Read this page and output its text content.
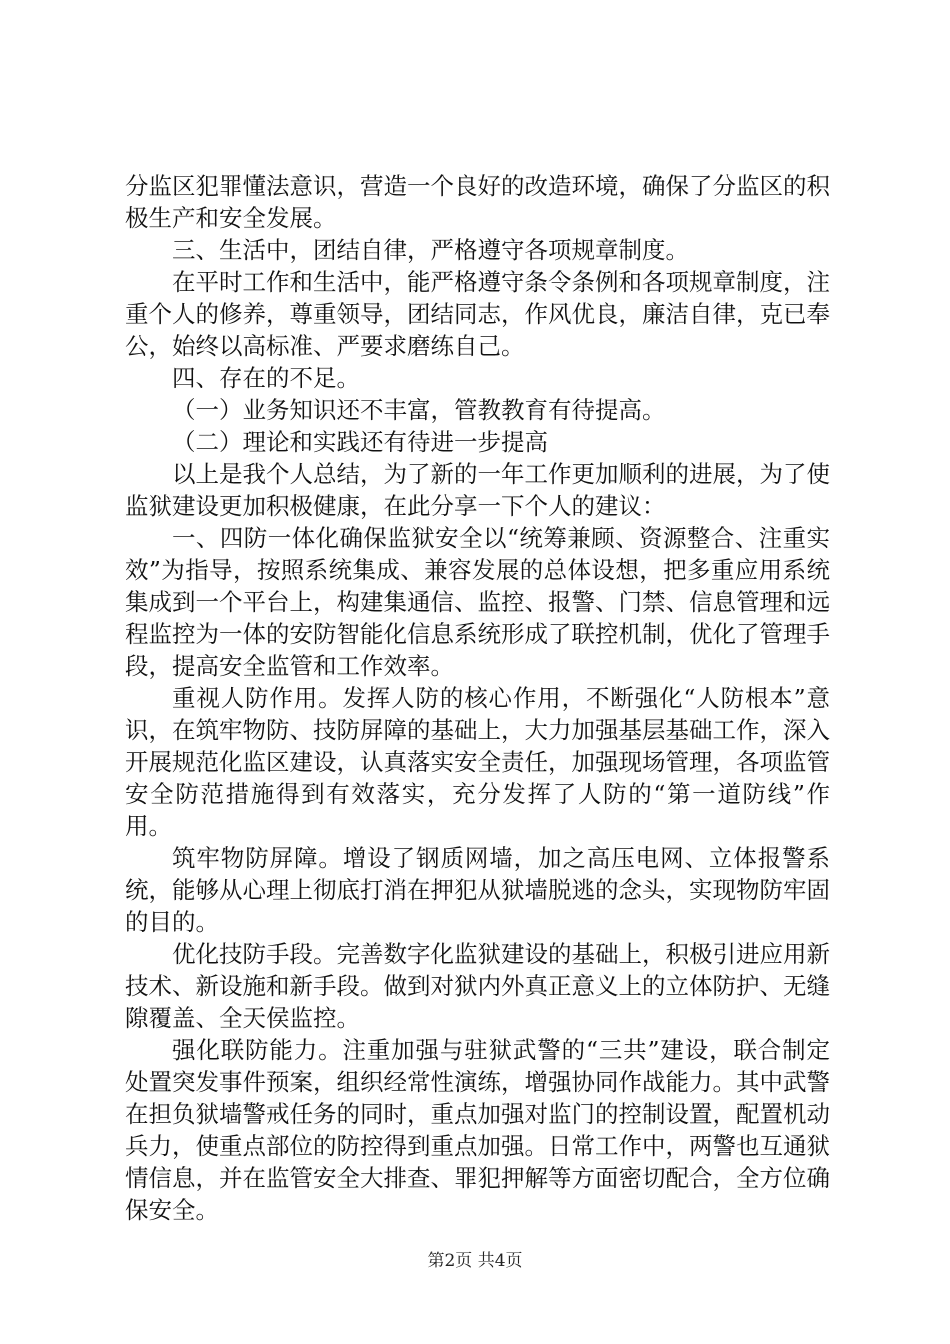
分监区犯罪懂法意识，营造一个良好的改造环境，确保了分监区的积极生产和安全发展。

三、生活中，团结自律，严格遵守各项规章制度。

在平时工作和生活中，能严格遵守条令条例和各项规章制度，注重个人的修养，尊重领导，团结同志，作风优良，廉洁自律，克已奉公，始终以高标准、严要求磨练自己。

四、存在的不足。

（一）业务知识还不丰富，管教教育有待提高。

（二）理论和实践还有待进一步提高

以上是我个人总结，为了新的一年工作更加顺利的进展，为了使监狱建设更加积极健康，在此分享一下个人的建议：

一、四防一体化确保监狱安全以“统筹兼顾、资源整合、注重实效”为指导，按照系统集成、兼容发展的总体设想，把多重应用系统集成到一个平台上，构建集通信、监控、报警、门禁、信息管理和远程监控为一体的安防智能化信息系统形成了联控机制，优化了管理手段，提高安全监管和工作效率。

重视人防作用。发挥人防的核心作用，不断强化“人防根本”意识，在筑牢物防、技防屏障的基础上，大力加强基层基础工作，深入开展规范化监区建设，认真落实安全责任，加强现场管理，各项监管安全防范措施得到有效落实，充分发挥了人防的“第一道防线”作用。

筑牢物防屏障。增设了钢质网墙，加之高压电网、立体报警系统，能够从心理上彻底打消在押犯从狱墙脱逃的念头，实现物防牢固的目的。

优化技防手段。完善数字化监狱建设的基础上，积极引进应用新技术、新设施和新手段。做到对狱内外真正意义上的立体防护、无缝隙覆盖、全天侯监控。

强化联防能力。注重加强与驻狱武警的“三共”建设，联合制定处置突发事件预案，组织经常性演练，增强协同作战能力。其中武警在担负狱墙警戒任务的同时，重点加强对监门的控制设置，配置机动兵力，使重点部位的防控得到重点加强。日常工作中，两警也互通狱情信息，并在监管安全大排查、罪犯押解等方面密切配合，全方位确保安全。

第2页 共4页
